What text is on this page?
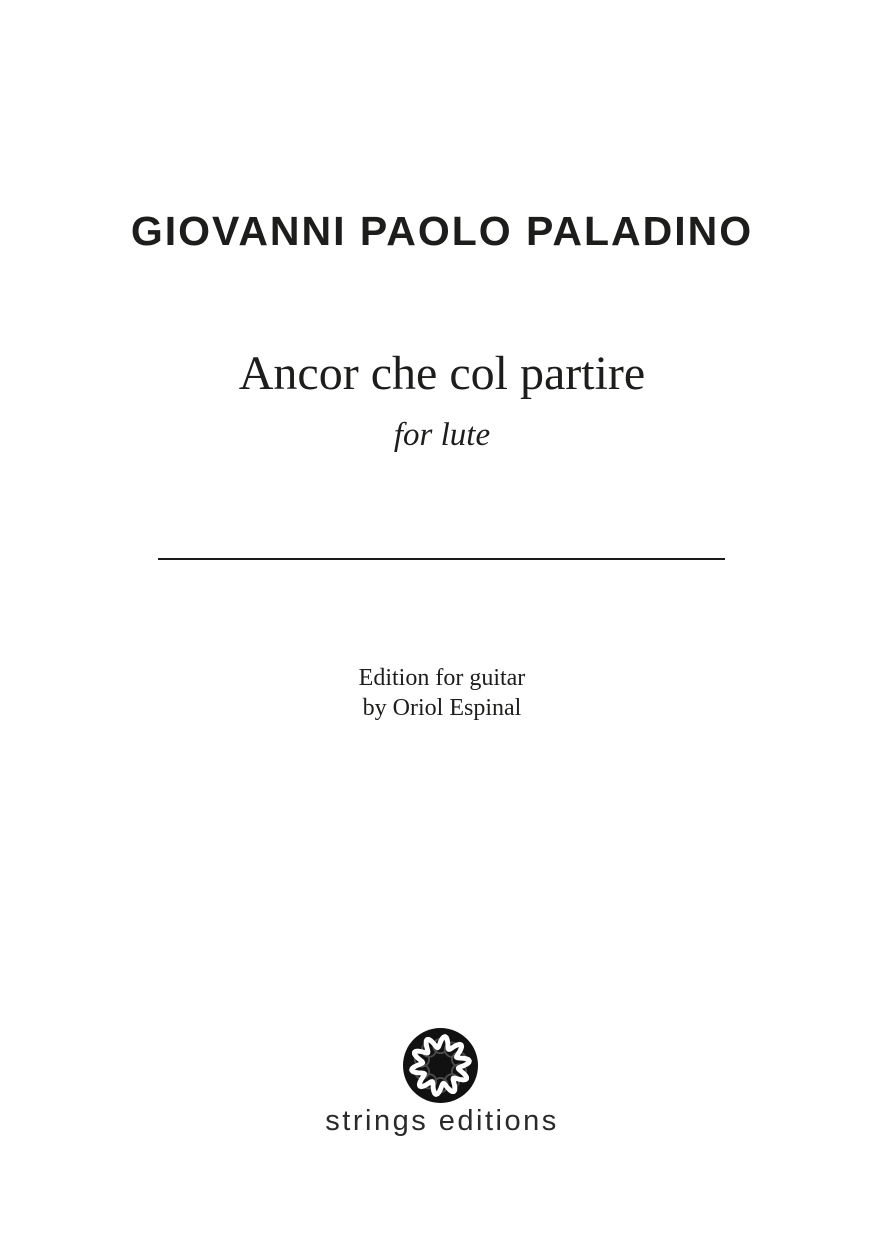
GIOVANNI PAOLO PALADINO
Ancor che col partire
for lute
Edition for guitar
by Oriol Espinal
strings editions
